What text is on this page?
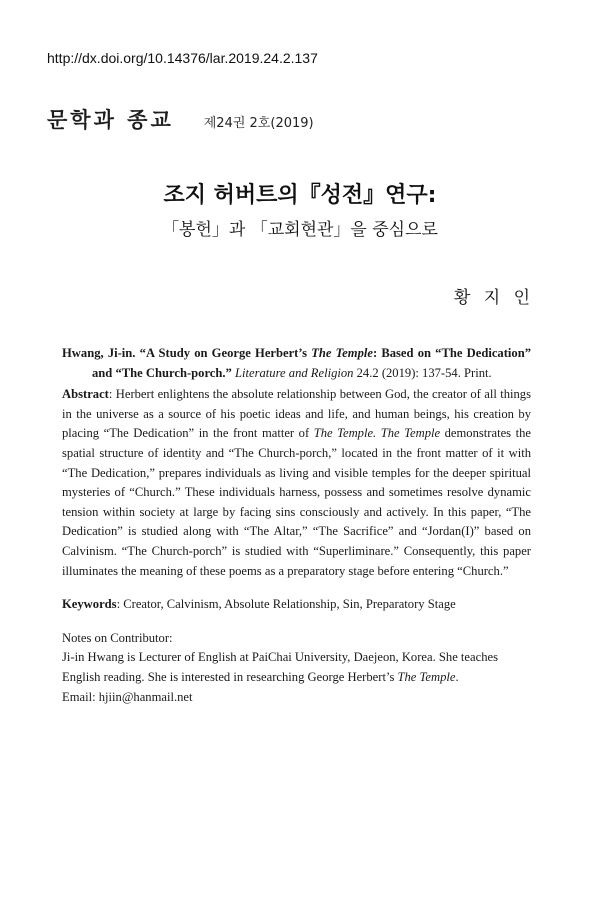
http://dx.doi.org/10.14376/lar.2019.24.2.137
문학과 종교 제24권 2호(2019)
조지 허버트의『성전』연구:
「봉헌」과 「교회현관」을 중심으로
황 지 인

Hwang, Ji-in. “A Study on George Herbert’s The Temple: Based on “The Dedication” and “The Church-porch.” Literature and Religion 24.2 (2019): 137-54. Print.

Abstract: Herbert enlightens the absolute relationship between God, the creator of all things in the universe as a source of his poetic ideas and life, and human beings, his creation by placing “The Dedication” in the front matter of The Temple. The Temple demonstrates the spatial structure of identity and “The Church-porch,” located in the front matter of it with “The Dedication,” prepares individuals as living and visible temples for the deeper spiritual mysteries of “Church.” These individuals harness, possess and sometimes resolve dynamic tension within society at large by facing sins consciously and actively. In this paper, “The Dedication” is studied along with “The Altar,” “The Sacrifice” and “Jordan(I)” based on Calvinism. “The Church-porch” is studied with “Superliminare.” Consequently, this paper illuminates the meaning of these poems as a preparatory stage before entering “Church.”

Keywords: Creator, Calvinism, Absolute Relationship, Sin, Preparatory Stage

Notes on Contributor:
Ji-in Hwang is Lecturer of English at PaiChai University, Daejeon, Korea. She teaches English reading. She is interested in researching George Herbert’s The Temple.
Email: hjiin@hanmail.net
